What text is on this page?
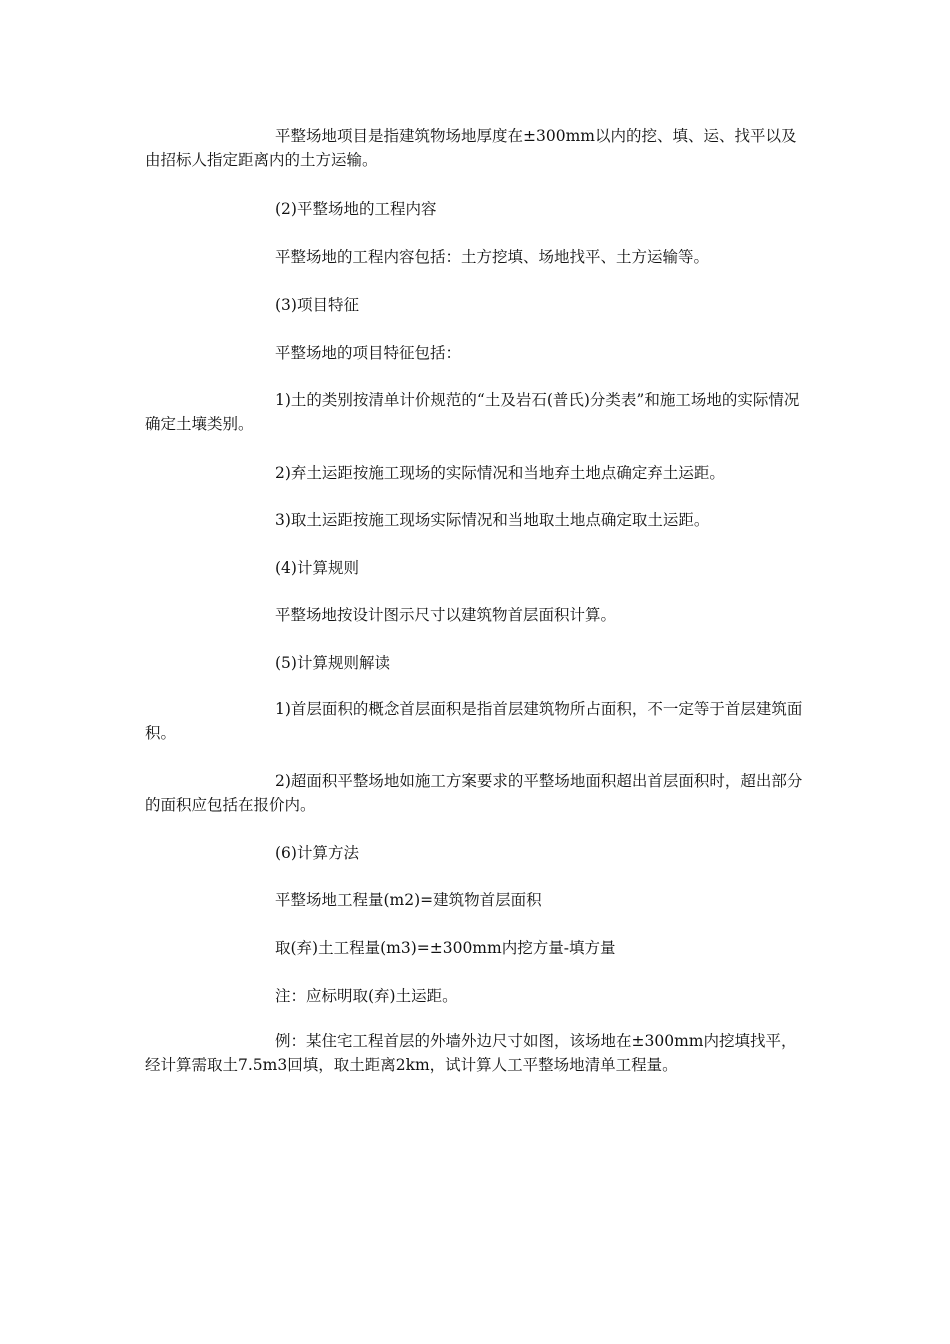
平整场地项目是指建筑物场地厚度在±300mm以内的挖、填、运、找平以及由招标人指定距离内的土方运输。

(2)平整场地的工程内容

平整场地的工程内容包括：土方挖填、场地找平、土方运输等。

(3)项目特征

平整场地的项目特征包括：

1)土的类别按清单计价规范的“土及岩石(普氏)分类表”和施工场地的实际情况确定土壤类别。

2)弃土运距按施工现场的实际情况和当地弃土地点确定弃土运距。

3)取土运距按施工现场实际情况和当地取土地点确定取土运距。

(4)计算规则

平整场地按设计图示尺寸以建筑物首层面积计算。

(5)计算规则解读

1)首层面积的概念首层面积是指首层建筑物所占面积，不一定等于首层建筑面积。

2)超面积平整场地如施工方案要求的平整场地面积超出首层面积时，超出部分的面积应包括在报价内。

(6)计算方法

平整场地工程量(m2)=建筑物首层面积

取(弃)土工程量(m3)=±300mm内挖方量-填方量

注：应标明取(弃)土运距。

例：某住宅工程首层的外墙外边尺寸如图，该场地在±300mm内挖填找平，经计算需取土7.5m3回填，取土距离2km，试计算人工平整场地清单工程量。
